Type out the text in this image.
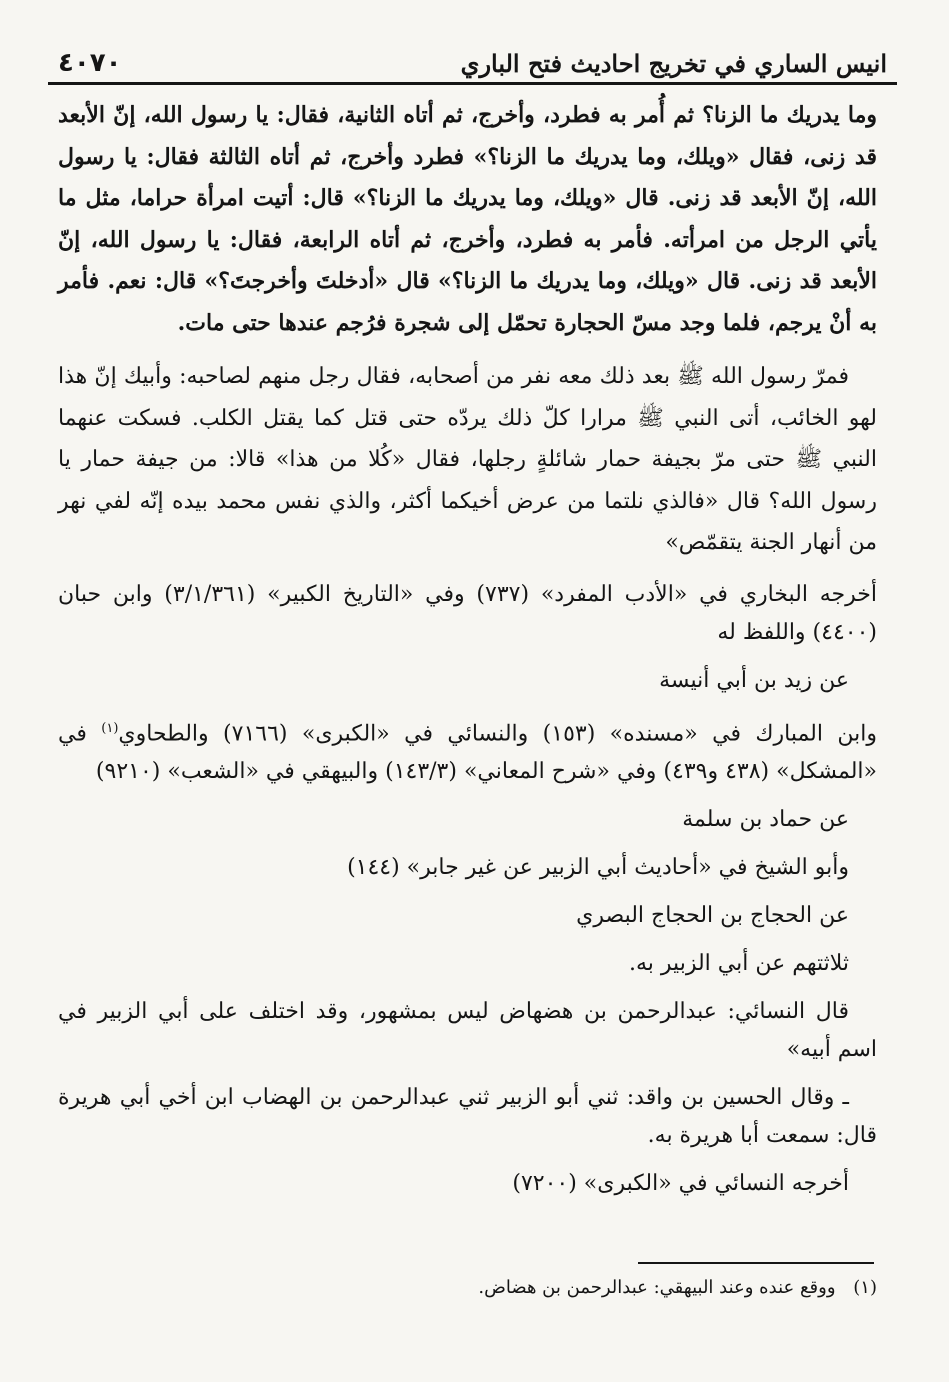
انيس الساري في تخريج احاديث فتح الباري
٤٠٧٠

وما يدريك ما الزنا؟ ثم أُمر به فطرد، وأخرج، ثم أتاه الثانية، فقال: يا رسول الله، إنّ الأبعد قد زنى، فقال «ويلك، وما يدريك ما الزنا؟» فطرد وأخرج، ثم أتاه الثالثة فقال: يا رسول الله، إنّ الأبعد قد زنى. قال «ويلك، وما يدريك ما الزنا؟» قال: أتيت امرأة حراما، مثل ما يأتي الرجل من امرأته. فأمر به فطرد، وأخرج، ثم أتاه الرابعة، فقال: يا رسول الله، إنّ الأبعد قد زنى. قال «ويلك، وما يدريك ما الزنا؟» قال «أدخلتَ وأخرجتَ؟» قال: نعم. فأمر به أنْ يرجم، فلما وجد مسّ الحجارة تحمّل إلى شجرة فرُجم عندها حتى مات.

فمرّ رسول الله ﷺ بعد ذلك معه نفر من أصحابه، فقال رجل منهم لصاحبه: وأبيك إنّ هذا لهو الخائب، أتى النبي ﷺ مرارا كلّ ذلك يردّه حتى قتل كما يقتل الكلب. فسكت عنهما النبي ﷺ حتى مرّ بجيفة حمار شائلةٍ رجلها، فقال «كُلا من هذا» قالا: من جيفة حمار يا رسول الله؟ قال «فالذي نلتما من عرض أخيكما أكثر، والذي نفس محمد بيده إنّه لفي نهر من أنهار الجنة يتقمّص»

أخرجه البخاري في «الأدب المفرد» (٧٣٧) وفي «التاريخ الكبير» (٣/١/٣٦١) وابن حبان (٤٤٠٠) واللفظ له

عن زيد بن أبي أنيسة

وابن المبارك في «مسنده» (١٥٣) والنسائي في «الكبرى» (٧١٦٦) والطحاوي$^{(١)}$ في «المشكل» (٤٣٨ و٤٣٩) وفي «شرح المعاني» (١٤٣/٣) والبيهقي في «الشعب» (٩٢١٠)

عن حماد بن سلمة

وأبو الشيخ في «أحاديث أبي الزبير عن غير جابر» (١٤٤)

عن الحجاج بن الحجاج البصري

ثلاثتهم عن أبي الزبير به.

قال النسائي: عبدالرحمن بن هضهاض ليس بمشهور، وقد اختلف على أبي الزبير في اسم أبيه»

ـ وقال الحسين بن واقد: ثني أبو الزبير ثني عبدالرحمن بن الهضاب ابن أخي أبي هريرة قال: سمعت أبا هريرة به.

أخرجه النسائي في «الكبرى» (٧٢٠٠)

(١) ووقع عنده وعند البيهقي: عبدالرحمن بن هضاض.
